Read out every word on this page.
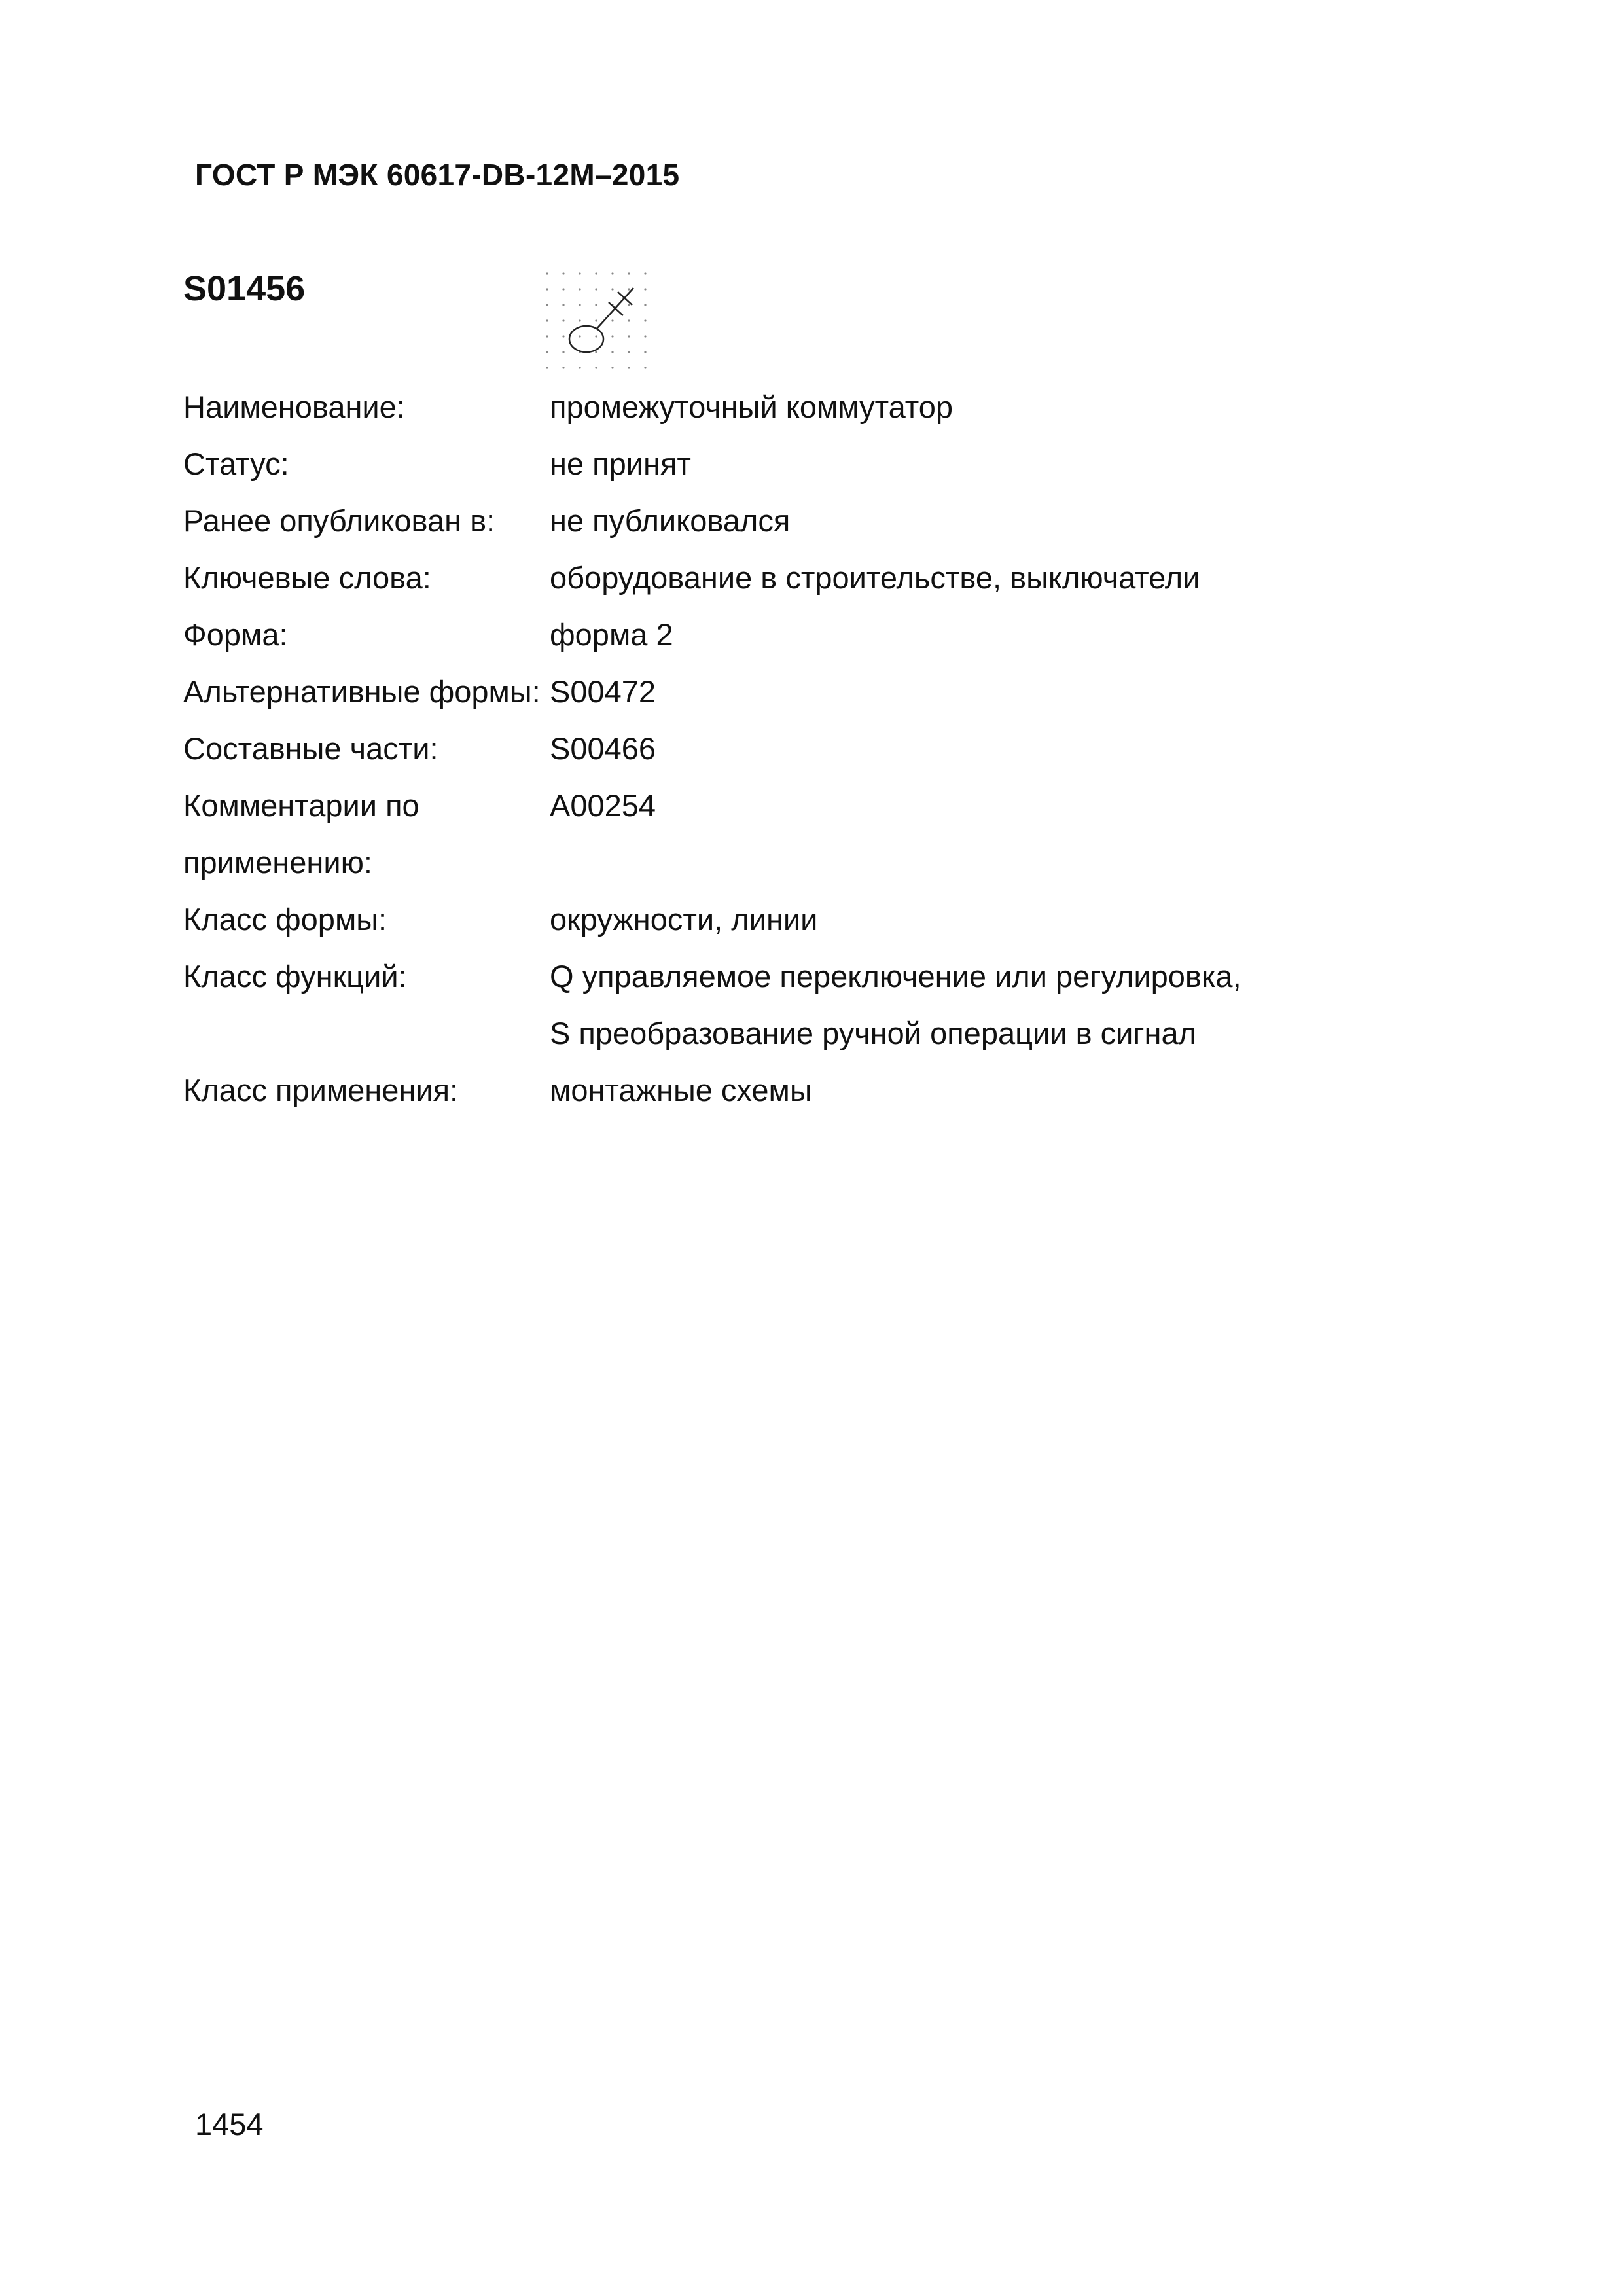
ГОСТ Р МЭК 60617-DB-12M–2015
S01456
Наименование:	промежуточный коммутатор
Статус:	не принят
Ранее опубликован в:	не публиковался
Ключевые слова:	оборудование в строительстве, выключатели
Форма:	форма 2
Альтернативные формы: S00472
Составные части:	S00466
Комментарии по применению:
A00254
Класс формы:	окружности, линии
Класс функций:	Q управляемое переключение или регулировка,
S преобразование ручной операции в сигнал
Класс применения:	монтажные схемы
1454
